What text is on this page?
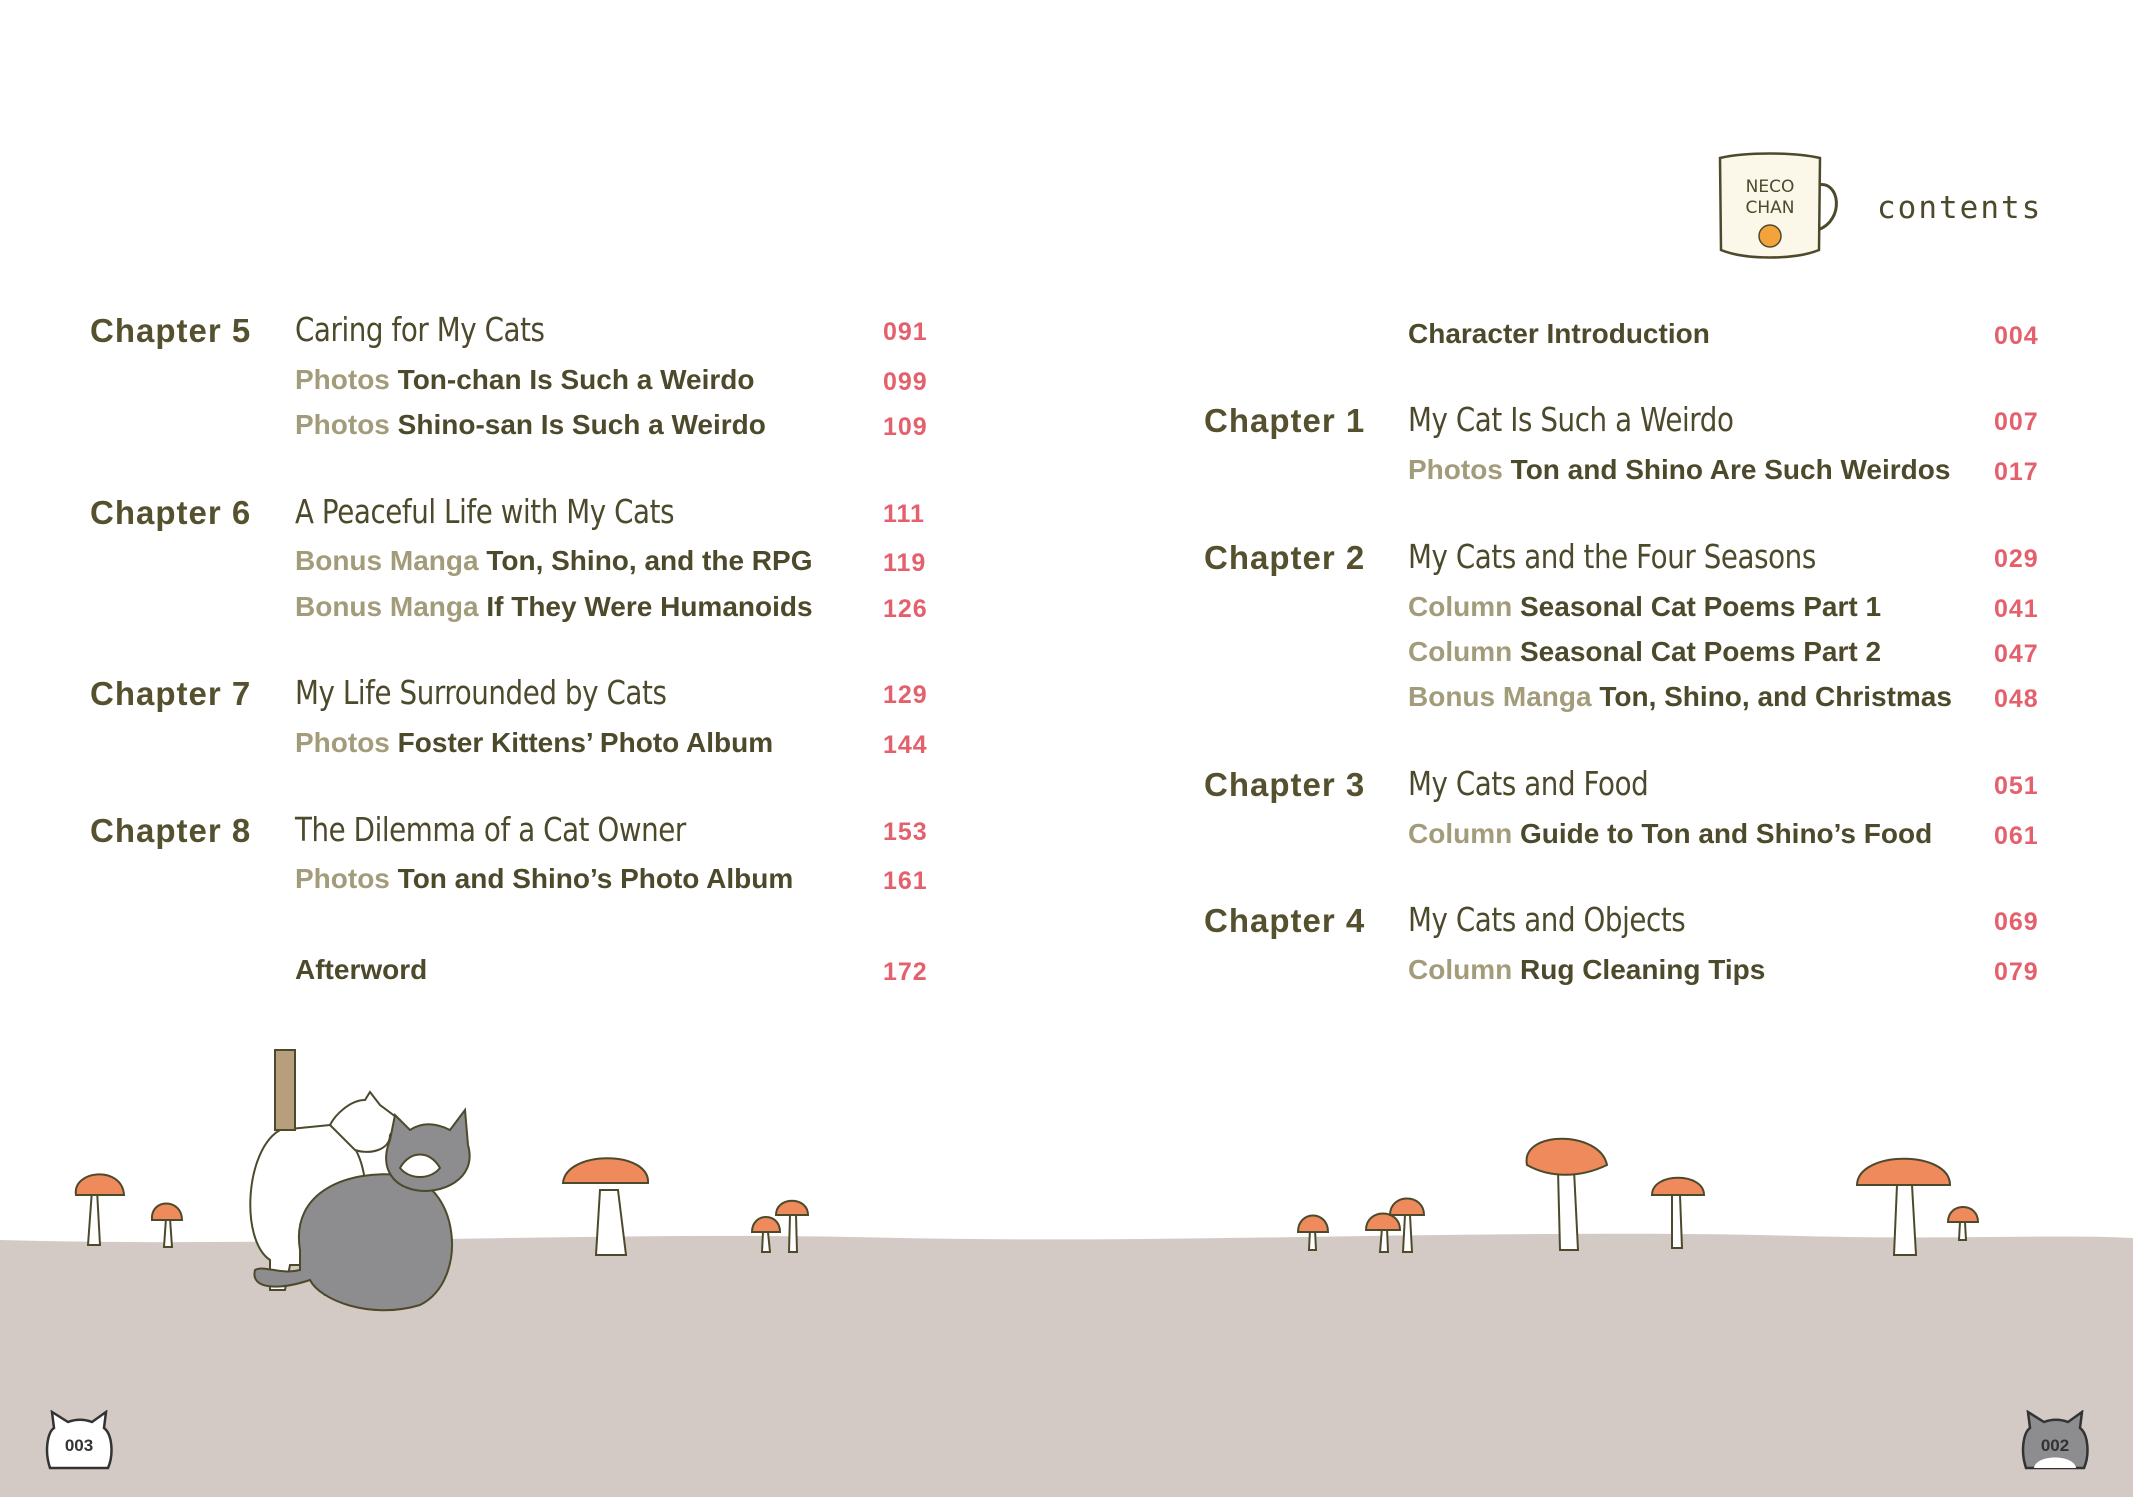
NECO
CHAN	contents
Character Introduction	004
Chapter 1 My Cat Is Such a Weirdo	007
Photos Ton and Shino Are Such Weirdos 017
Chapter 2 My Cats and the Four Seasons	029
Column Seasonal Cat Poems Part 1	041
Column Seasonal Cat Poems Part 2	047
Bonus Manga Ton, Shino, and Christmas 048
Chapter 3 My Cats and Food	051
Column Guide to Ton and Shino’s Food 061
Chapter 4 My Cats and Objects	069
Column Rug Cleaning Tips	079
Chapter 5 Caring for My Cats	091
Photos Ton-chan Is Such a Weirdo	099
Photos Shino-san Is Such a Weirdo	109
Chapter 6 A Peaceful Life with My Cats	111
Bonus Manga Ton, Shino, and the RPG	119
Bonus Manga If They Were Humanoids	126
Chapter 7 My Life Surrounded by Cats	129
Photos Foster Kittens’ Photo Album	144
Chapter 8 The Dilemma of a Cat Owner	153
Photos Ton and Shino’s Photo Album	161
Afterword	172
003	002
